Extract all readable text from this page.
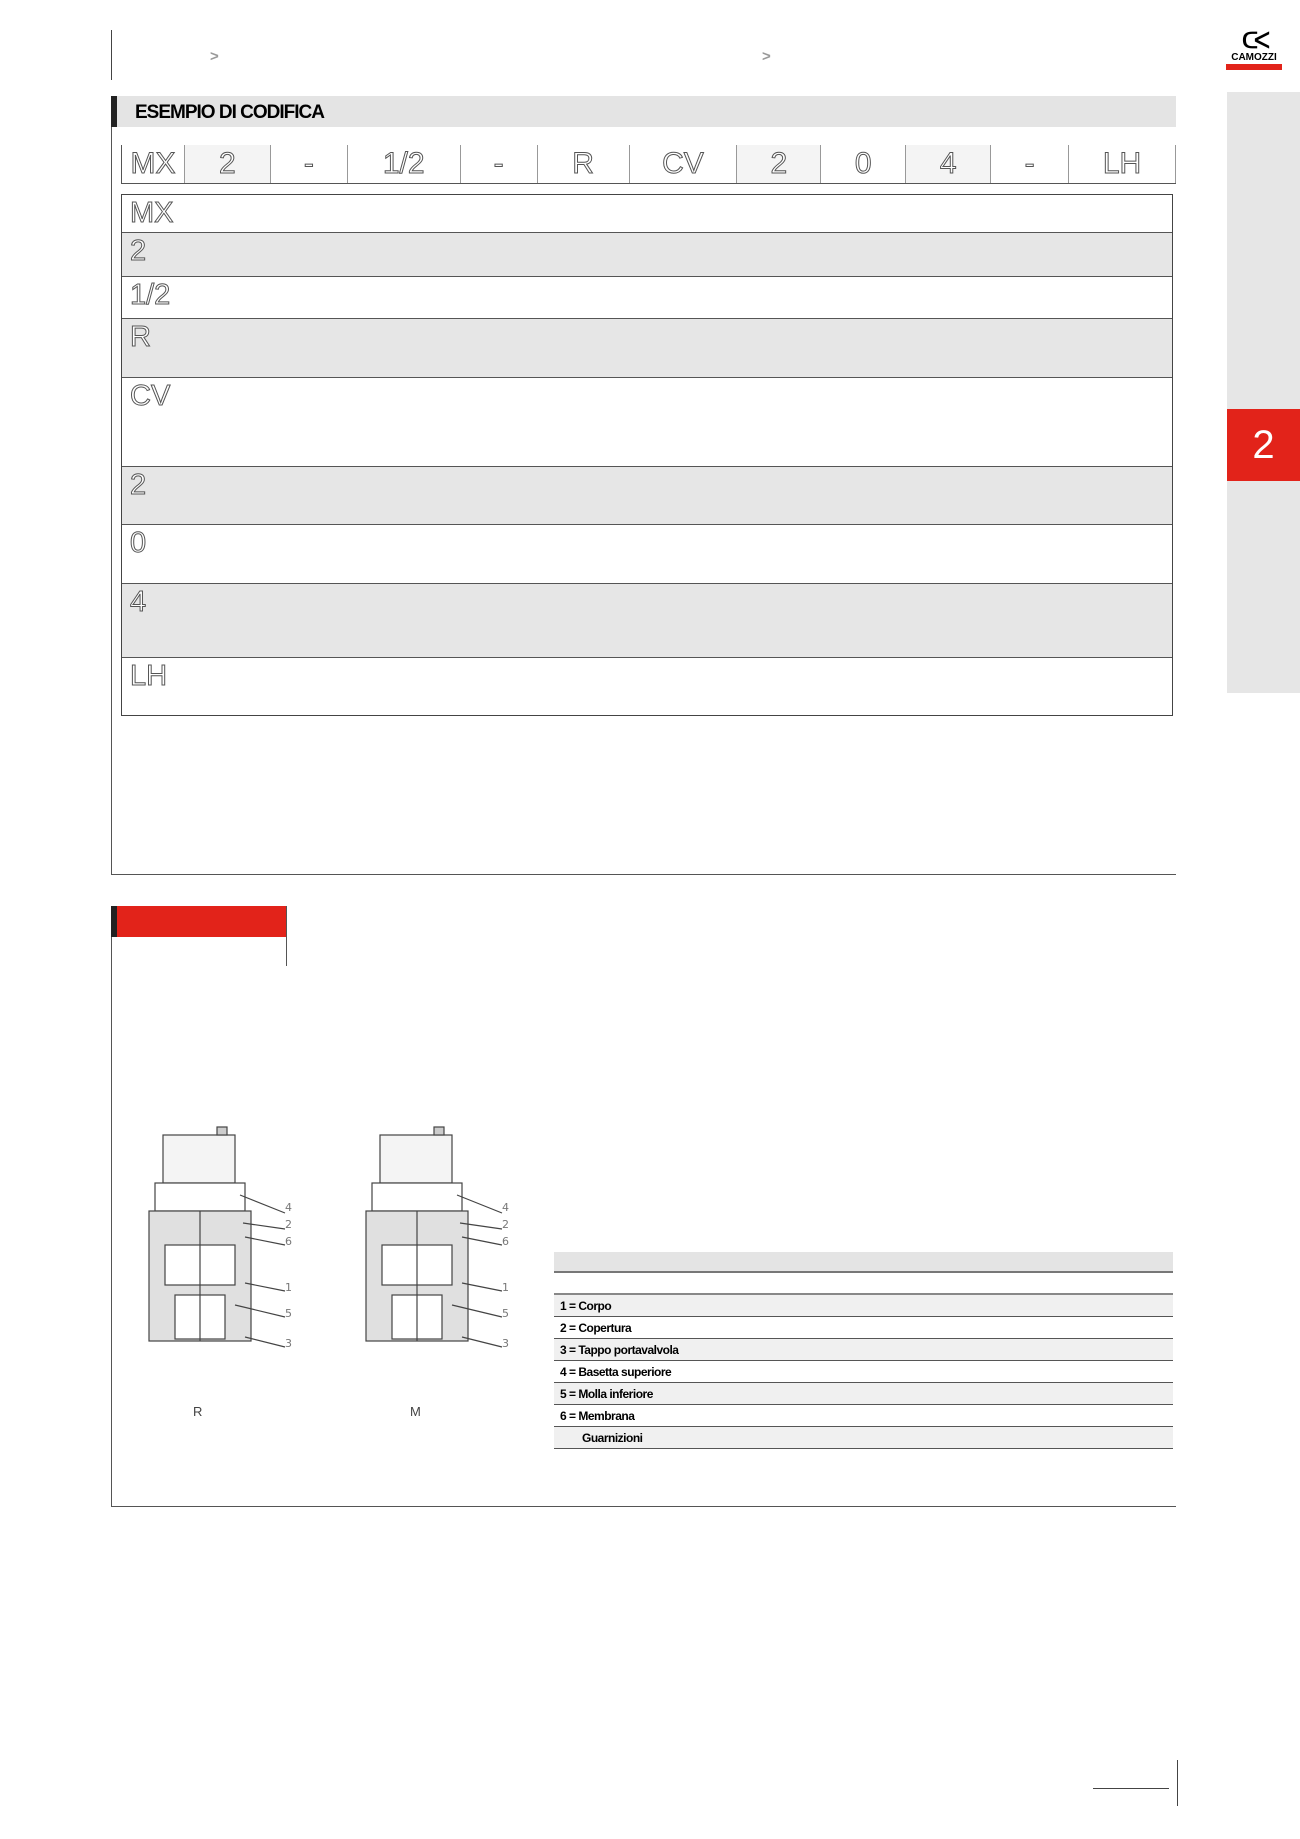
>	>
ᑕᐸ
CAMOZZI
2
ESEMPIO DI CODIFICA
MX	2	-	1/2	-	R	CV	2	0	4	-	LH
MX
2
1/2
R
CV
2
0
4
LH
4
2
6
1
5
3
4
2
6
1
5
3
R	M
1 = Corpo
2 = Copertura
3 = Tappo portavalvola
4 = Basetta superiore
5 = Molla inferiore
6 = Membrana
Guarnizioni
